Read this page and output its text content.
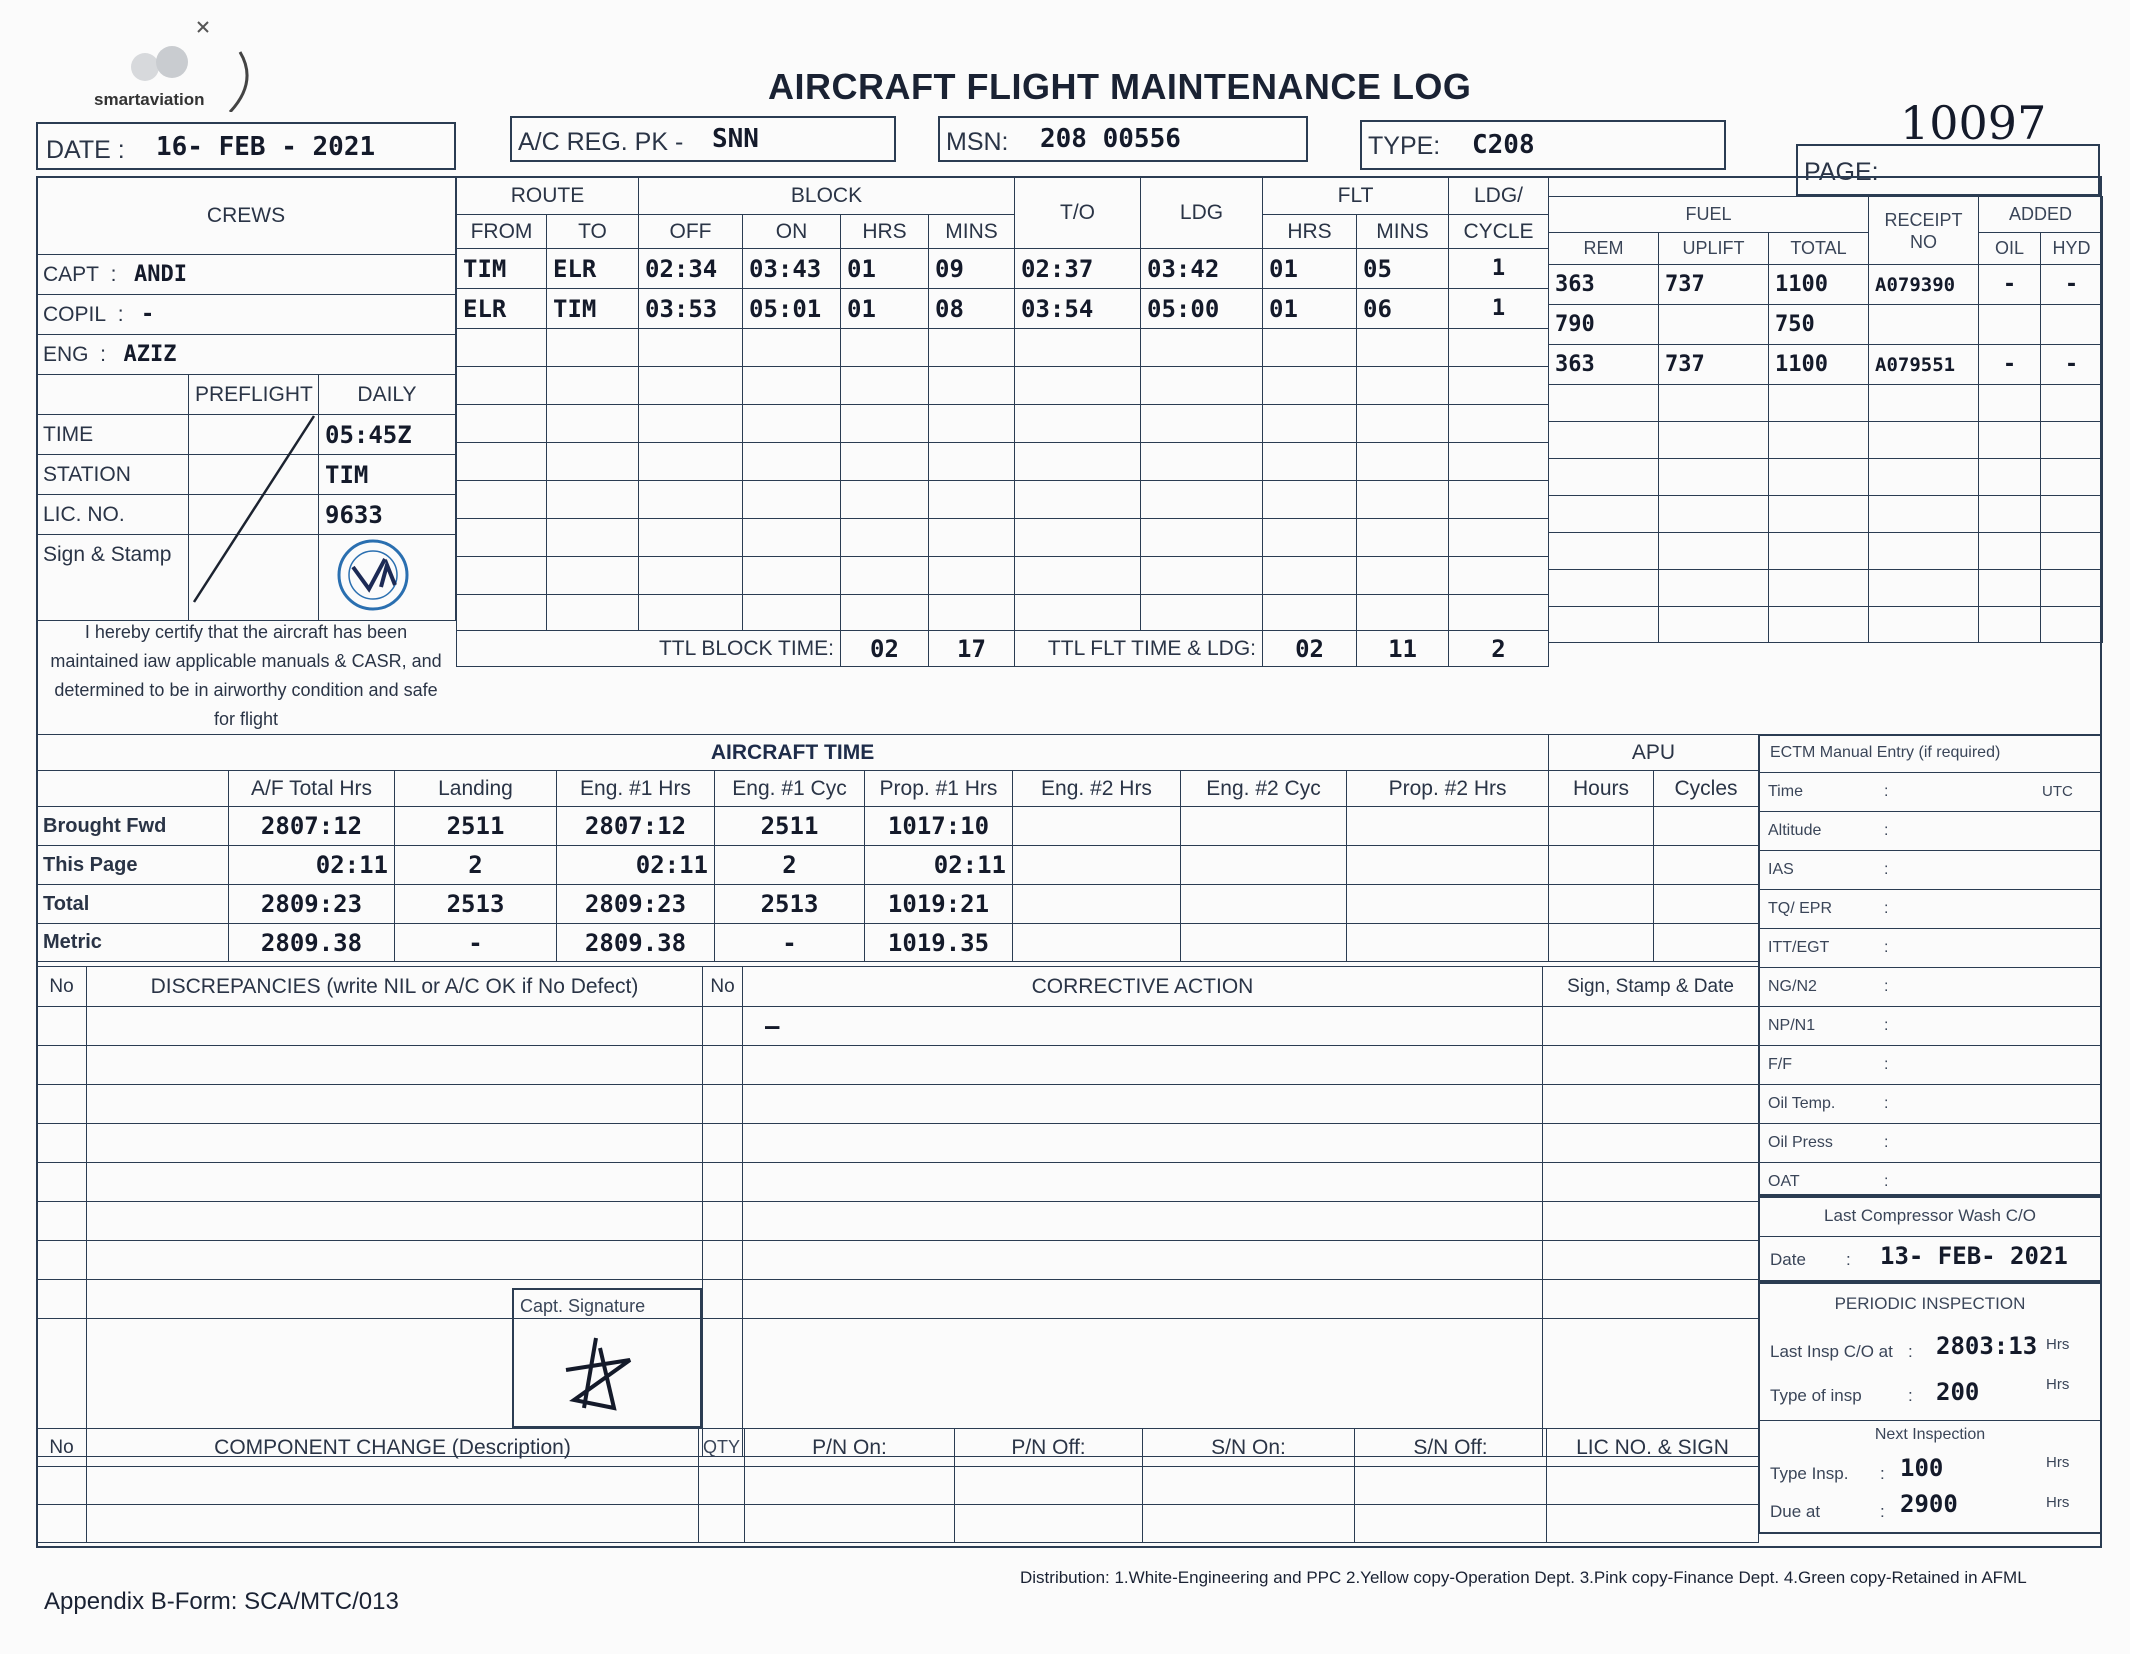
smartaviation	AIRCRAFT FLIGHT MAINTENANCE LOG
10097
DATE : 16- FEB - 2021	A/C REG. PK - SNN	MSN: 208 00556	TYPE: C208
PAGE:
CREWS
CAPT  :   ANDI
COPIL  :   -
ENG  :   AZIZ
	PREFLIGHT	DAILY
TIME		05:45Z
STATION		TIM
LIC. NO.		9633
Sign & Stamp		
I hereby certify that the aircraft has been
maintained iaw applicable manuals & CASR, and
determined to be in airworthy condition and safe
for flight
ROUTE		BLOCK				T/O	LDG	FLT		LDG/
FROM	TO	OFF	ON	HRS	MINS			HRS	MINS	CYCLE
TIM	ELR	02:34	03:43	01	09	02:37	03:42	01	05	1
ELR	TIM	03:53	05:01	01	08	03:54	05:00	01	06	1

TTL BLOCK TIME:				02	17	TTL FLT TIME & LDG:		02	11	2
FUEL			RECEIPT
NO	ADDED	
REM	UPLIFT	TOTAL		OIL	HYD
363	737	1100	A079390	-	-
790		750			
363	737	1100	A079551	-	-

AIRCRAFT TIME								
	A/F Total Hrs	Landing	Eng. #1 Hrs	Eng. #1 Cyc	Prop. #1 Hrs	Eng. #2 Hrs	Eng. #2 Cyc	Prop. #2 Hrs
Brought Fwd	2807:12	2511	2807:12	2511	1017:10			
This Page	02:11	2	02:11	2	02:11			
Total	2809:23	2513	2809:23	2513	1019:21			
Metric	2809.38	-	2809.38	-	1019.35			
APU	
Hours	Cycles

ECTM Manual Entry (if required)
Time	:	UTC
Altitude	:
IAS	:
TQ/ EPR	:
ITT/EGT	:
NG/N2	:
NP/N1	:
F/F	:
Oil Temp.	:
Oil Press	:
OAT	:
Last Compressor Wash C/O
Date : 13- FEB- 2021
PERIODIC INSPECTION
Last Insp C/O at : 2803:13 Hrs
Type of insp	: 200	Hrs
Next Inspection
Type Insp. : 100	Hrs
Due at	: 2900	Hrs
No	DISCREPANCIES (write NIL or A/C OK if No Defect)

Capt. Signature
No	CORRECTIVE ACTION	Sign, Stamp & Date
	—	

No	COMPONENT CHANGE (Description)	QTY	P/N On:	P/N Off:	S/N On:	S/N Off:	LIC NO. & SIGN

Appendix B-Form: SCA/MTC/013
Distribution: 1.White-Engineering and PPC 2.Yellow copy-Operation Dept. 3.Pink copy-Finance Dept. 4.Green copy-Retained in AFML
